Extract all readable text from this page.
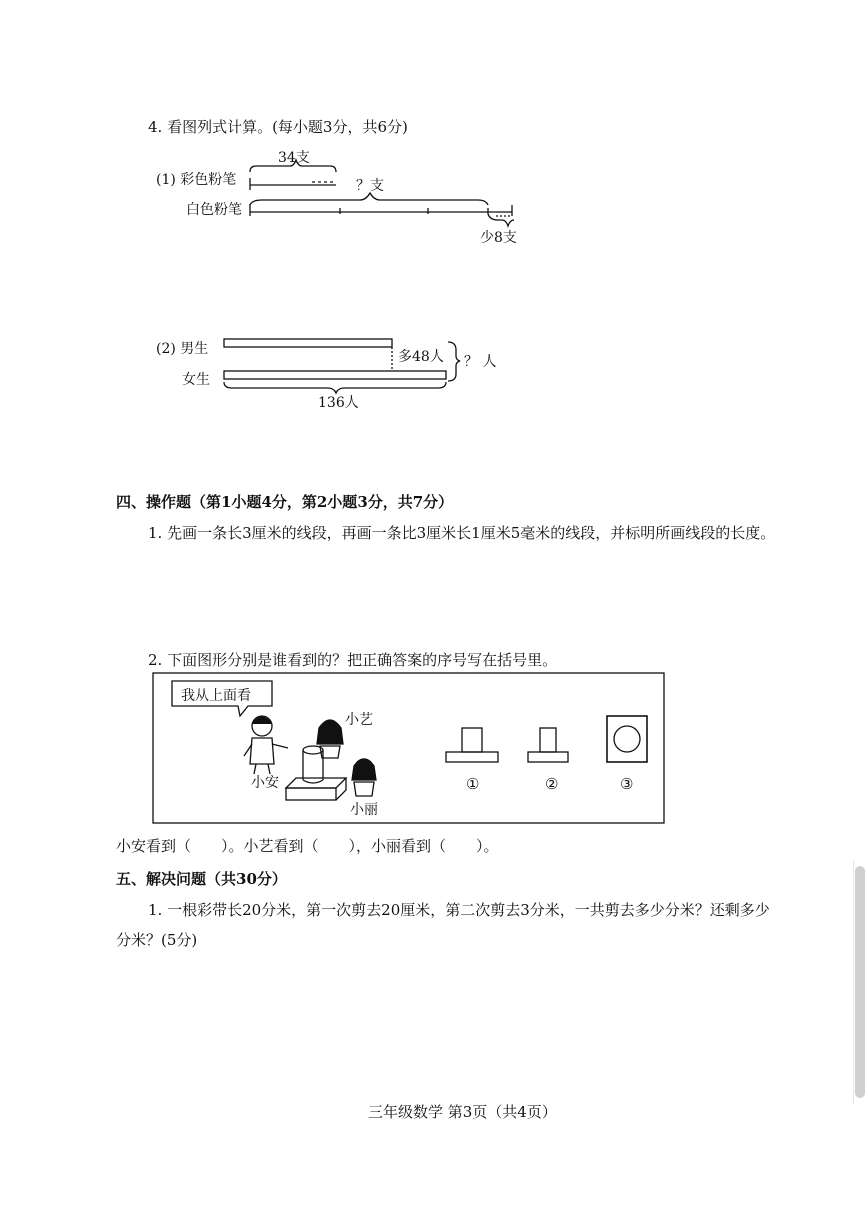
4. 看图列式计算。(每小题3分，共6分)
(1) 彩色粉笔
白色粉笔
34支
？支
少8支
(2) 男生
女生
多48人 ？ 人
136人
四、操作题（第1小题4分，第2小题3分，共7分）
1. 先画一条长3厘米的线段，再画一条比3厘米长1厘米5毫米的线段，并标明所画线段的长度。
2. 下面图形分别是谁看到的？把正确答案的序号写在括号里。
我从上面看
小艺
小安
小丽
①	②	③
小安看到（　　）。小艺看到（　　），小丽看到（　　）。
五、解决问题（共30分）
1. 一根彩带长20分米，第一次剪去20厘米，第二次剪去3分米，一共剪去多少分米？还剩多少
分米？(5分)
三年级数学 第3页（共4页）
